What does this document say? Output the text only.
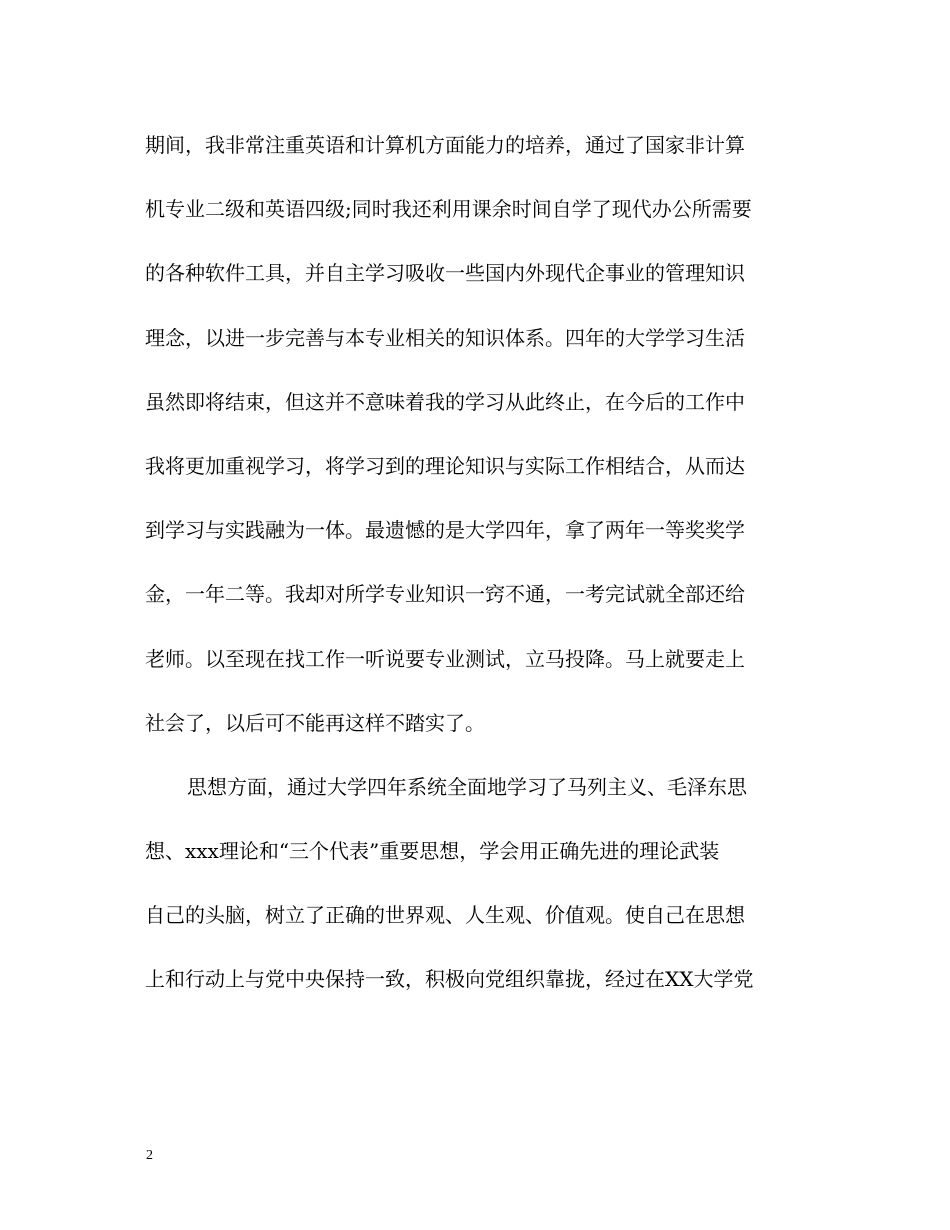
期间，我非常注重英语和计算机方面能力的培养，通过了国家非计算
机专业二级和英语四级;同时我还利用课余时间自学了现代办公所需要
的各种软件工具，并自主学习吸收一些国内外现代企事业的管理知识
理念，以进一步完善与本专业相关的知识体系。四年的大学学习生活
虽然即将结束，但这并不意味着我的学习从此终止，在今后的工作中
我将更加重视学习，将学习到的理论知识与实际工作相结合，从而达
到学习与实践融为一体。最遗憾的是大学四年，拿了两年一等奖奖学
金，一年二等。我却对所学专业知识一窍不通，一考完试就全部还给
老师。以至现在找工作一听说要专业测试，立马投降。马上就要走上
社会了，以后可不能再这样不踏实了。
思想方面，通过大学四年系统全面地学习了马列主义、毛泽东思
想、xxx理论和“三个代表”重要思想，学会用正确先进的理论武装
自己的头脑，树立了正确的世界观、人生观、价值观。使自己在思想
上和行动上与党中央保持一致，积极向党组织靠拢，经过在XX大学党
2
